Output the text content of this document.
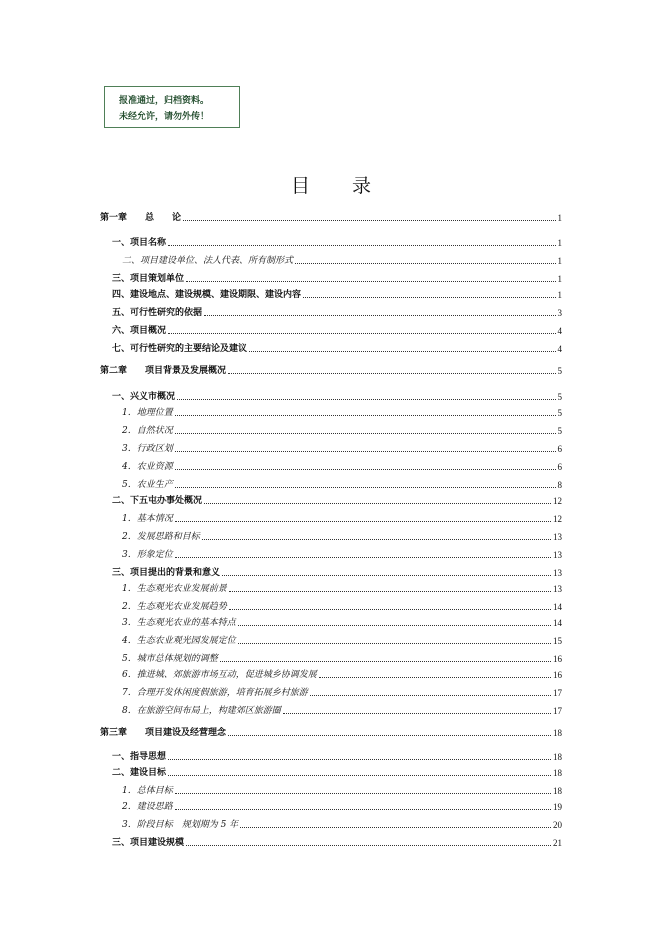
报准通过，归档资料。
未经允许，请勿外传！
目录
第一章　　总　　论	1
一、项目名称	1
二、项目建设单位、法人代表、所有制形式	1
三、项目策划单位	1
四、建设地点、建设规模、建设期限、建设内容	1
五、可行性研究的依据	3
六、项目概况	4
七、可行性研究的主要结论及建议	4
第二章　　项目背景及发展概况	5
一、兴义市概况	5
1．地理位置	5
2．自然状况	5
3．行政区划	6
4．农业资源	6
5．农业生产	8
二、下五屯办事处概况	12
1．基本情况	12
2．发展思路和目标	13
3．形象定位	13
三、项目提出的背景和意义	13
1．生态观光农业发展前景	13
2．生态观光农业发展趋势	14
3．生态观光农业的基本特点	14
4．生态农业观光园发展定位	15
5．城市总体规划的调整	16
6．推进城、郊旅游市场互动，促进城乡协调发展	16
7．合理开发休闲度假旅游，培育拓展乡村旅游	17
8．在旅游空间布局上，构建郊区旅游圈	17
第三章　　项目建设及经营理念	18
一、指导思想	18
二、建设目标	18
1．总体目标	18
2．建设思路	19
3．阶段目标　规划期为 5 年	20
三、项目建设规模	21
